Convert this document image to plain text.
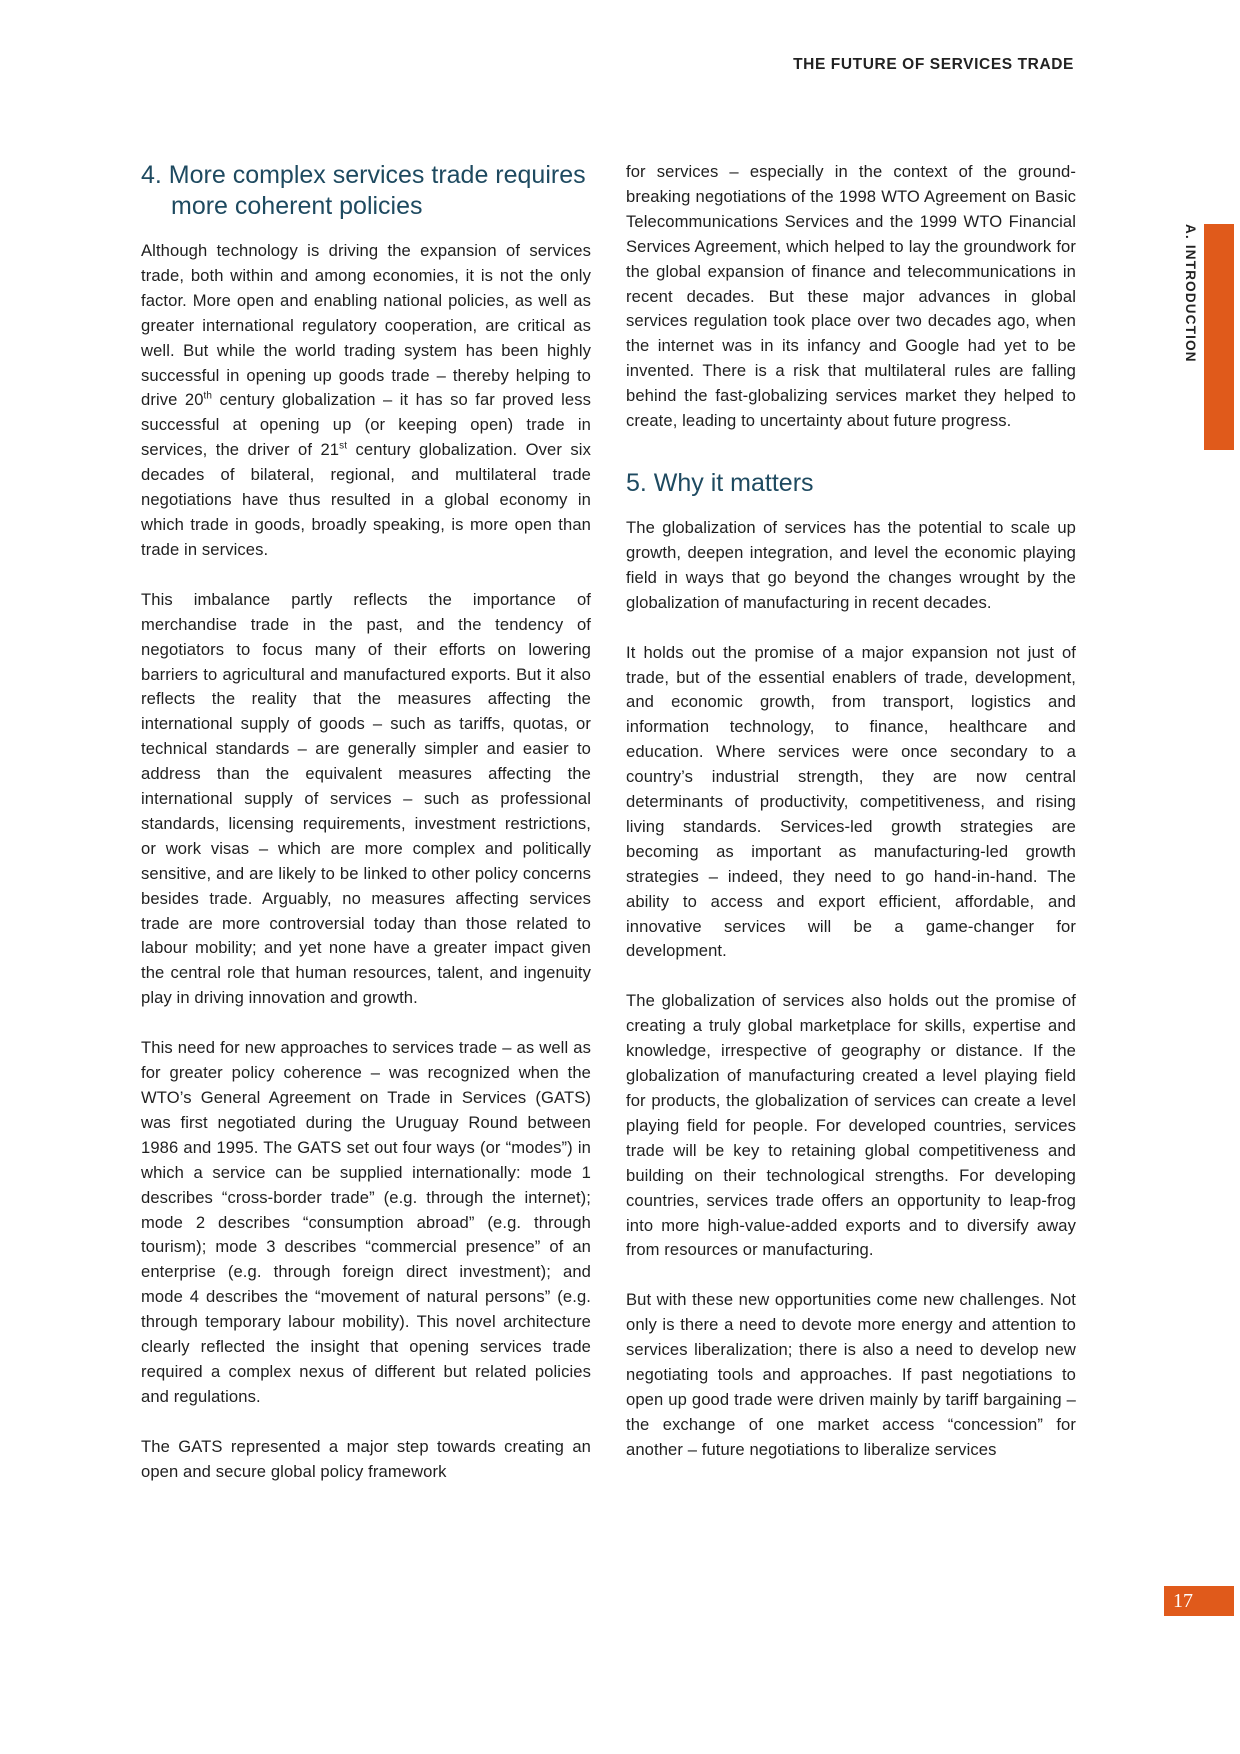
THE FUTURE OF SERVICES TRADE
A. INTRODUCTION
4. More complex services trade requires more coherent policies

Although technology is driving the expansion of services trade, both within and among economies, it is not the only factor. More open and enabling national policies, as well as greater international regulatory cooperation, are critical as well. But while the world trading system has been highly successful in opening up goods trade – thereby helping to drive 20th century globalization – it has so far proved less successful at opening up (or keeping open) trade in services, the driver of 21st century globalization. Over six decades of bilateral, regional, and multilateral trade negotiations have thus resulted in a global economy in which trade in goods, broadly speaking, is more open than trade in services.

This imbalance partly reflects the importance of merchandise trade in the past, and the tendency of negotiators to focus many of their efforts on lowering barriers to agricultural and manufactured exports. But it also reflects the reality that the measures affecting the international supply of goods – such as tariffs, quotas, or technical standards – are generally simpler and easier to address than the equivalent measures affecting the international supply of services – such as professional standards, licensing requirements, investment restrictions, or work visas – which are more complex and politically sensitive, and are likely to be linked to other policy concerns besides trade. Arguably, no measures affecting services trade are more controversial today than those related to labour mobility; and yet none have a greater impact given the central role that human resources, talent, and ingenuity play in driving innovation and growth.

This need for new approaches to services trade – as well as for greater policy coherence – was recognized when the WTO’s General Agreement on Trade in Services (GATS) was first negotiated during the Uruguay Round between 1986 and 1995. The GATS set out four ways (or “modes”) in which a service can be supplied internationally: mode 1 describes “cross-border trade” (e.g. through the internet); mode 2 describes “consumption abroad” (e.g. through tourism); mode 3 describes “commercial presence” of an enterprise (e.g. through foreign direct investment); and mode 4 describes the “movement of natural persons” (e.g. through temporary labour mobility). This novel architecture clearly reflected the insight that opening services trade required a complex nexus of different but related policies and regulations.

The GATS represented a major step towards creating an open and secure global policy framework

for services – especially in the context of the ground-breaking negotiations of the 1998 WTO Agreement on Basic Telecommunications Services and the 1999 WTO Financial Services Agreement, which helped to lay the groundwork for the global expansion of finance and telecommunications in recent decades. But these major advances in global services regulation took place over two decades ago, when the internet was in its infancy and Google had yet to be invented. There is a risk that multilateral rules are falling behind the fast-globalizing services market they helped to create, leading to uncertainty about future progress.

5. Why it matters

The globalization of services has the potential to scale up growth, deepen integration, and level the economic playing field in ways that go beyond the changes wrought by the globalization of manufacturing in recent decades.

It holds out the promise of a major expansion not just of trade, but of the essential enablers of trade, development, and economic growth, from transport, logistics and information technology, to finance, healthcare and education. Where services were once secondary to a country’s industrial strength, they are now central determinants of productivity, competitiveness, and rising living standards. Services-led growth strategies are becoming as important as manufacturing-led growth strategies – indeed, they need to go hand-in-hand. The ability to access and export efficient, affordable, and innovative services will be a game-changer for development.

The globalization of services also holds out the promise of creating a truly global marketplace for skills, expertise and knowledge, irrespective of geography or distance. If the globalization of manufacturing created a level playing field for products, the globalization of services can create a level playing field for people. For developed countries, services trade will be key to retaining global competitiveness and building on their technological strengths. For developing countries, services trade offers an opportunity to leap-frog into more high-value-added exports and to diversify away from resources or manufacturing.

But with these new opportunities come new challenges. Not only is there a need to devote more energy and attention to services liberalization; there is also a need to develop new negotiating tools and approaches. If past negotiations to open up good trade were driven mainly by tariff bargaining – the exchange of one market access “concession” for another – future negotiations to liberalize services

17
